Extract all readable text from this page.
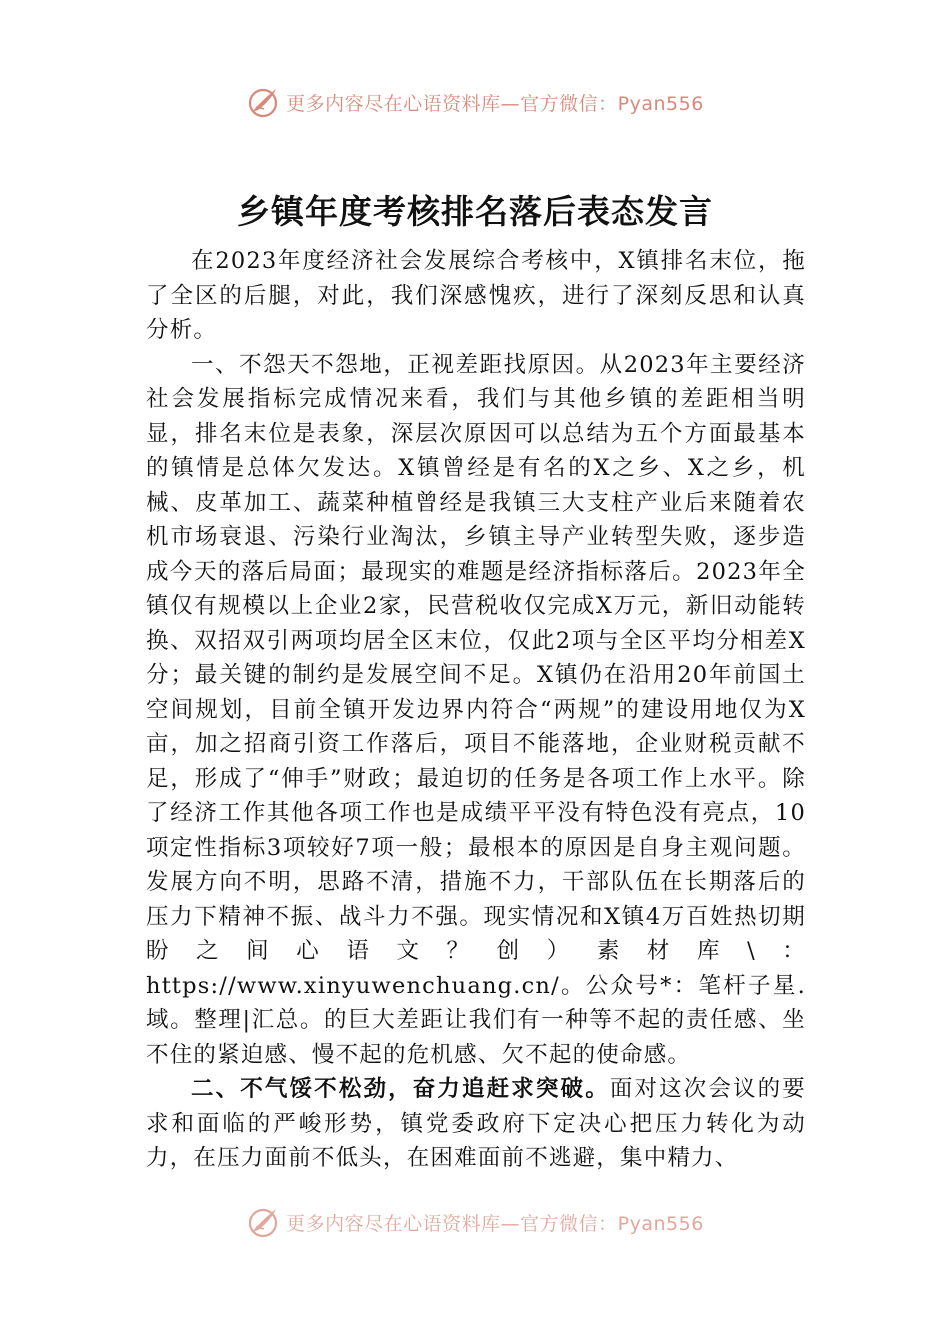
更多内容尽在心语资料库—官方微信：Pyan556
乡镇年度考核排名落后表态发言

在2023年度经济社会发展综合考核中，X镇排名末位，拖了全区的后腿，对此，我们深感愧疚，进行了深刻反思和认真分析。

一、不怨天不怨地，正视差距找原因。从2023年主要经济社会发展指标完成情况来看，我们与其他乡镇的差距相当明显，排名末位是表象，深层次原因可以总结为五个方面最基本的镇情是总体欠发达。X镇曾经是有名的X之乡、X之乡，机械、皮革加工、蔬菜种植曾经是我镇三大支柱产业后来随着农机市场衰退、污染行业淘汰，乡镇主导产业转型失败，逐步造成今天的落后局面；最现实的难题是经济指标落后。2023年全镇仅有规模以上企业2家，民营税收仅完成X万元，新旧动能转换、双招双引两项均居全区末位，仅此2项与全区平均分相差X分；最关键的制约是发展空间不足。X镇仍在沿用20年前国土空间规划，目前全镇开发边界内符合“两规”的建设用地仅为X亩，加之招商引资工作落后，项目不能落地，企业财税贡献不足，形成了“伸手”财政；最迫切的任务是各项工作上水平。除了经济工作其他各项工作也是成绩平平没有特色没有亮点，10项定性指标3项较好7项一般；最根本的原因是自身主观问题。发展方向不明，思路不清，措施不力，干部队伍在长期落后的压力下精神不振、战斗力不强。现实情况和X镇4万百姓热切期盼之间心语文？创）素材库\：https://www.xinyuwenchuang.cn/。公众号*：笔杆子星.域。整理|汇总。的巨大差距让我们有一种等不起的责任感、坐不住的紧迫感、慢不起的危机感、欠不起的使命感。

二、不气馁不松劲，奋力追赶求突破。面对这次会议的要求和面临的严峻形势，镇党委政府下定决心把压力转化为动力，在压力面前不低头，在困难面前不逃避，集中精力、

更多内容尽在心语资料库—官方微信：Pyan556
